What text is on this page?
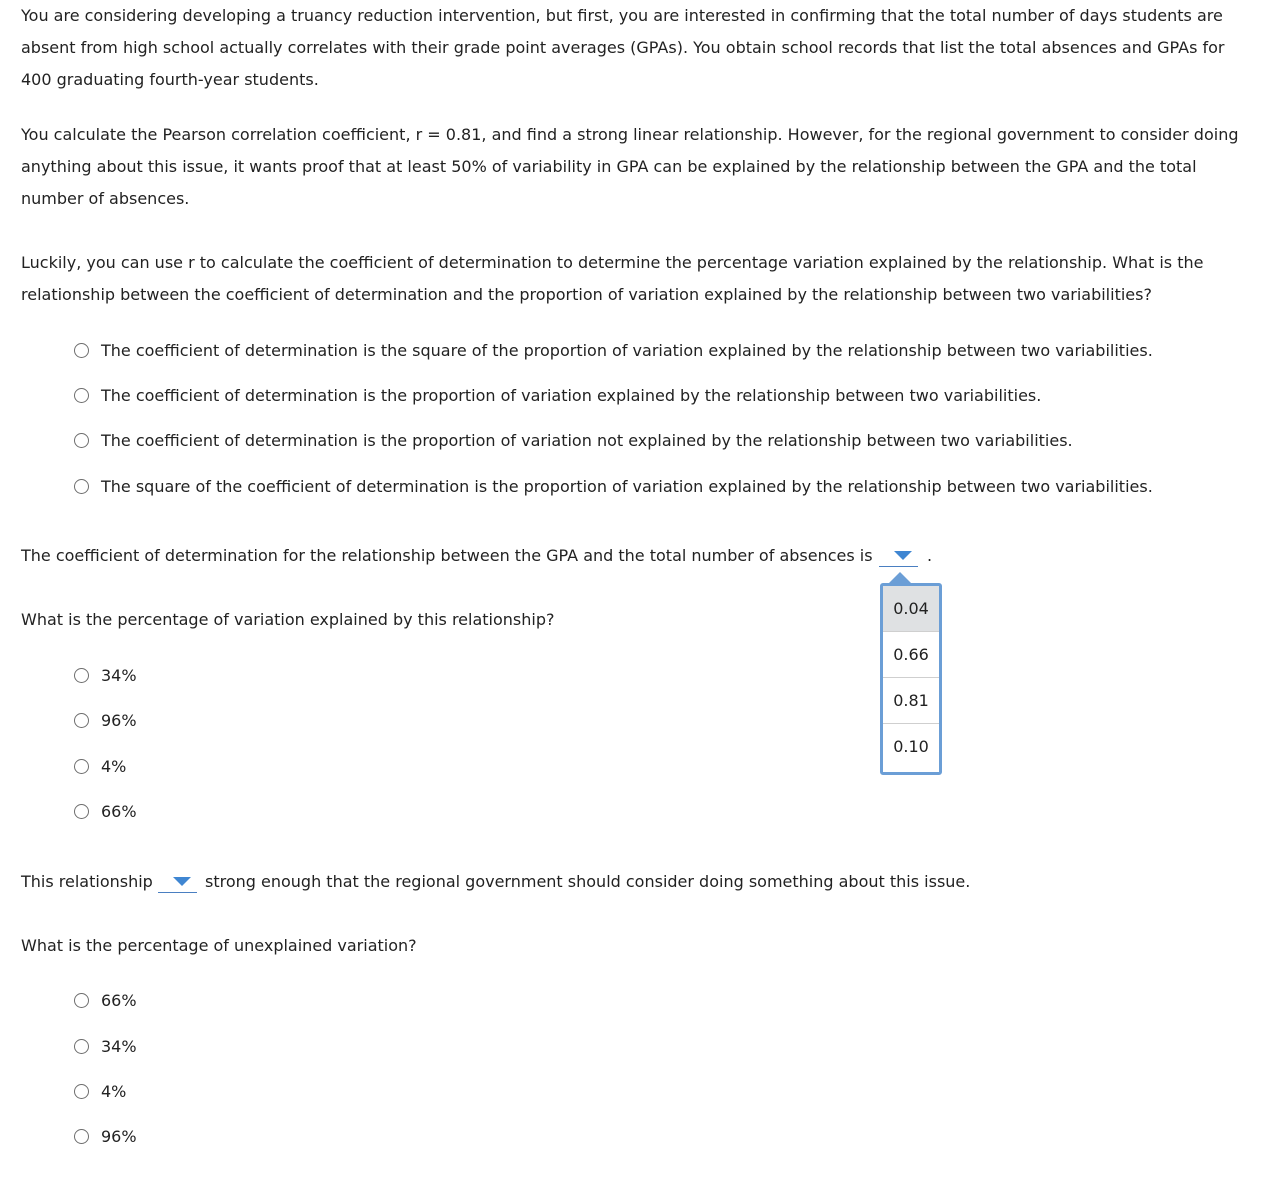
You are considering developing a truancy reduction intervention, but first, you are interested in confirming that the total number of days students are absent from high school actually correlates with their grade point averages (GPAs). You obtain school records that list the total absences and GPAs for 400 graduating fourth-year students.

You calculate the Pearson correlation coefficient, r = 0.81, and find a strong linear relationship. However, for the regional government to consider doing anything about this issue, it wants proof that at least 50% of variability in GPA can be explained by the relationship between the GPA and the total number of absences.

Luckily, you can use r to calculate the coefficient of determination to determine the percentage variation explained by the relationship. What is the relationship between the coefficient of determination and the proportion of variation explained by the relationship between two variabilities?

The coefficient of determination is the square of the proportion of variation explained by the relationship between two variabilities.
The coefficient of determination is the proportion of variation explained by the relationship between two variabilities.
The coefficient of determination is the proportion of variation not explained by the relationship between two variabilities.
The square of the coefficient of determination is the proportion of variation explained by the relationship between two variabilities.
The coefficient of determination for the relationship between the GPA and the total number of absences is	.
0.04
0.66
0.81
0.10
What is the percentage of variation explained by this relationship?
34%
96%
4%
66%
This relationship	strong enough that the regional government should consider doing something about this issue.
What is the percentage of unexplained variation?
66%
34%
4%
96%
